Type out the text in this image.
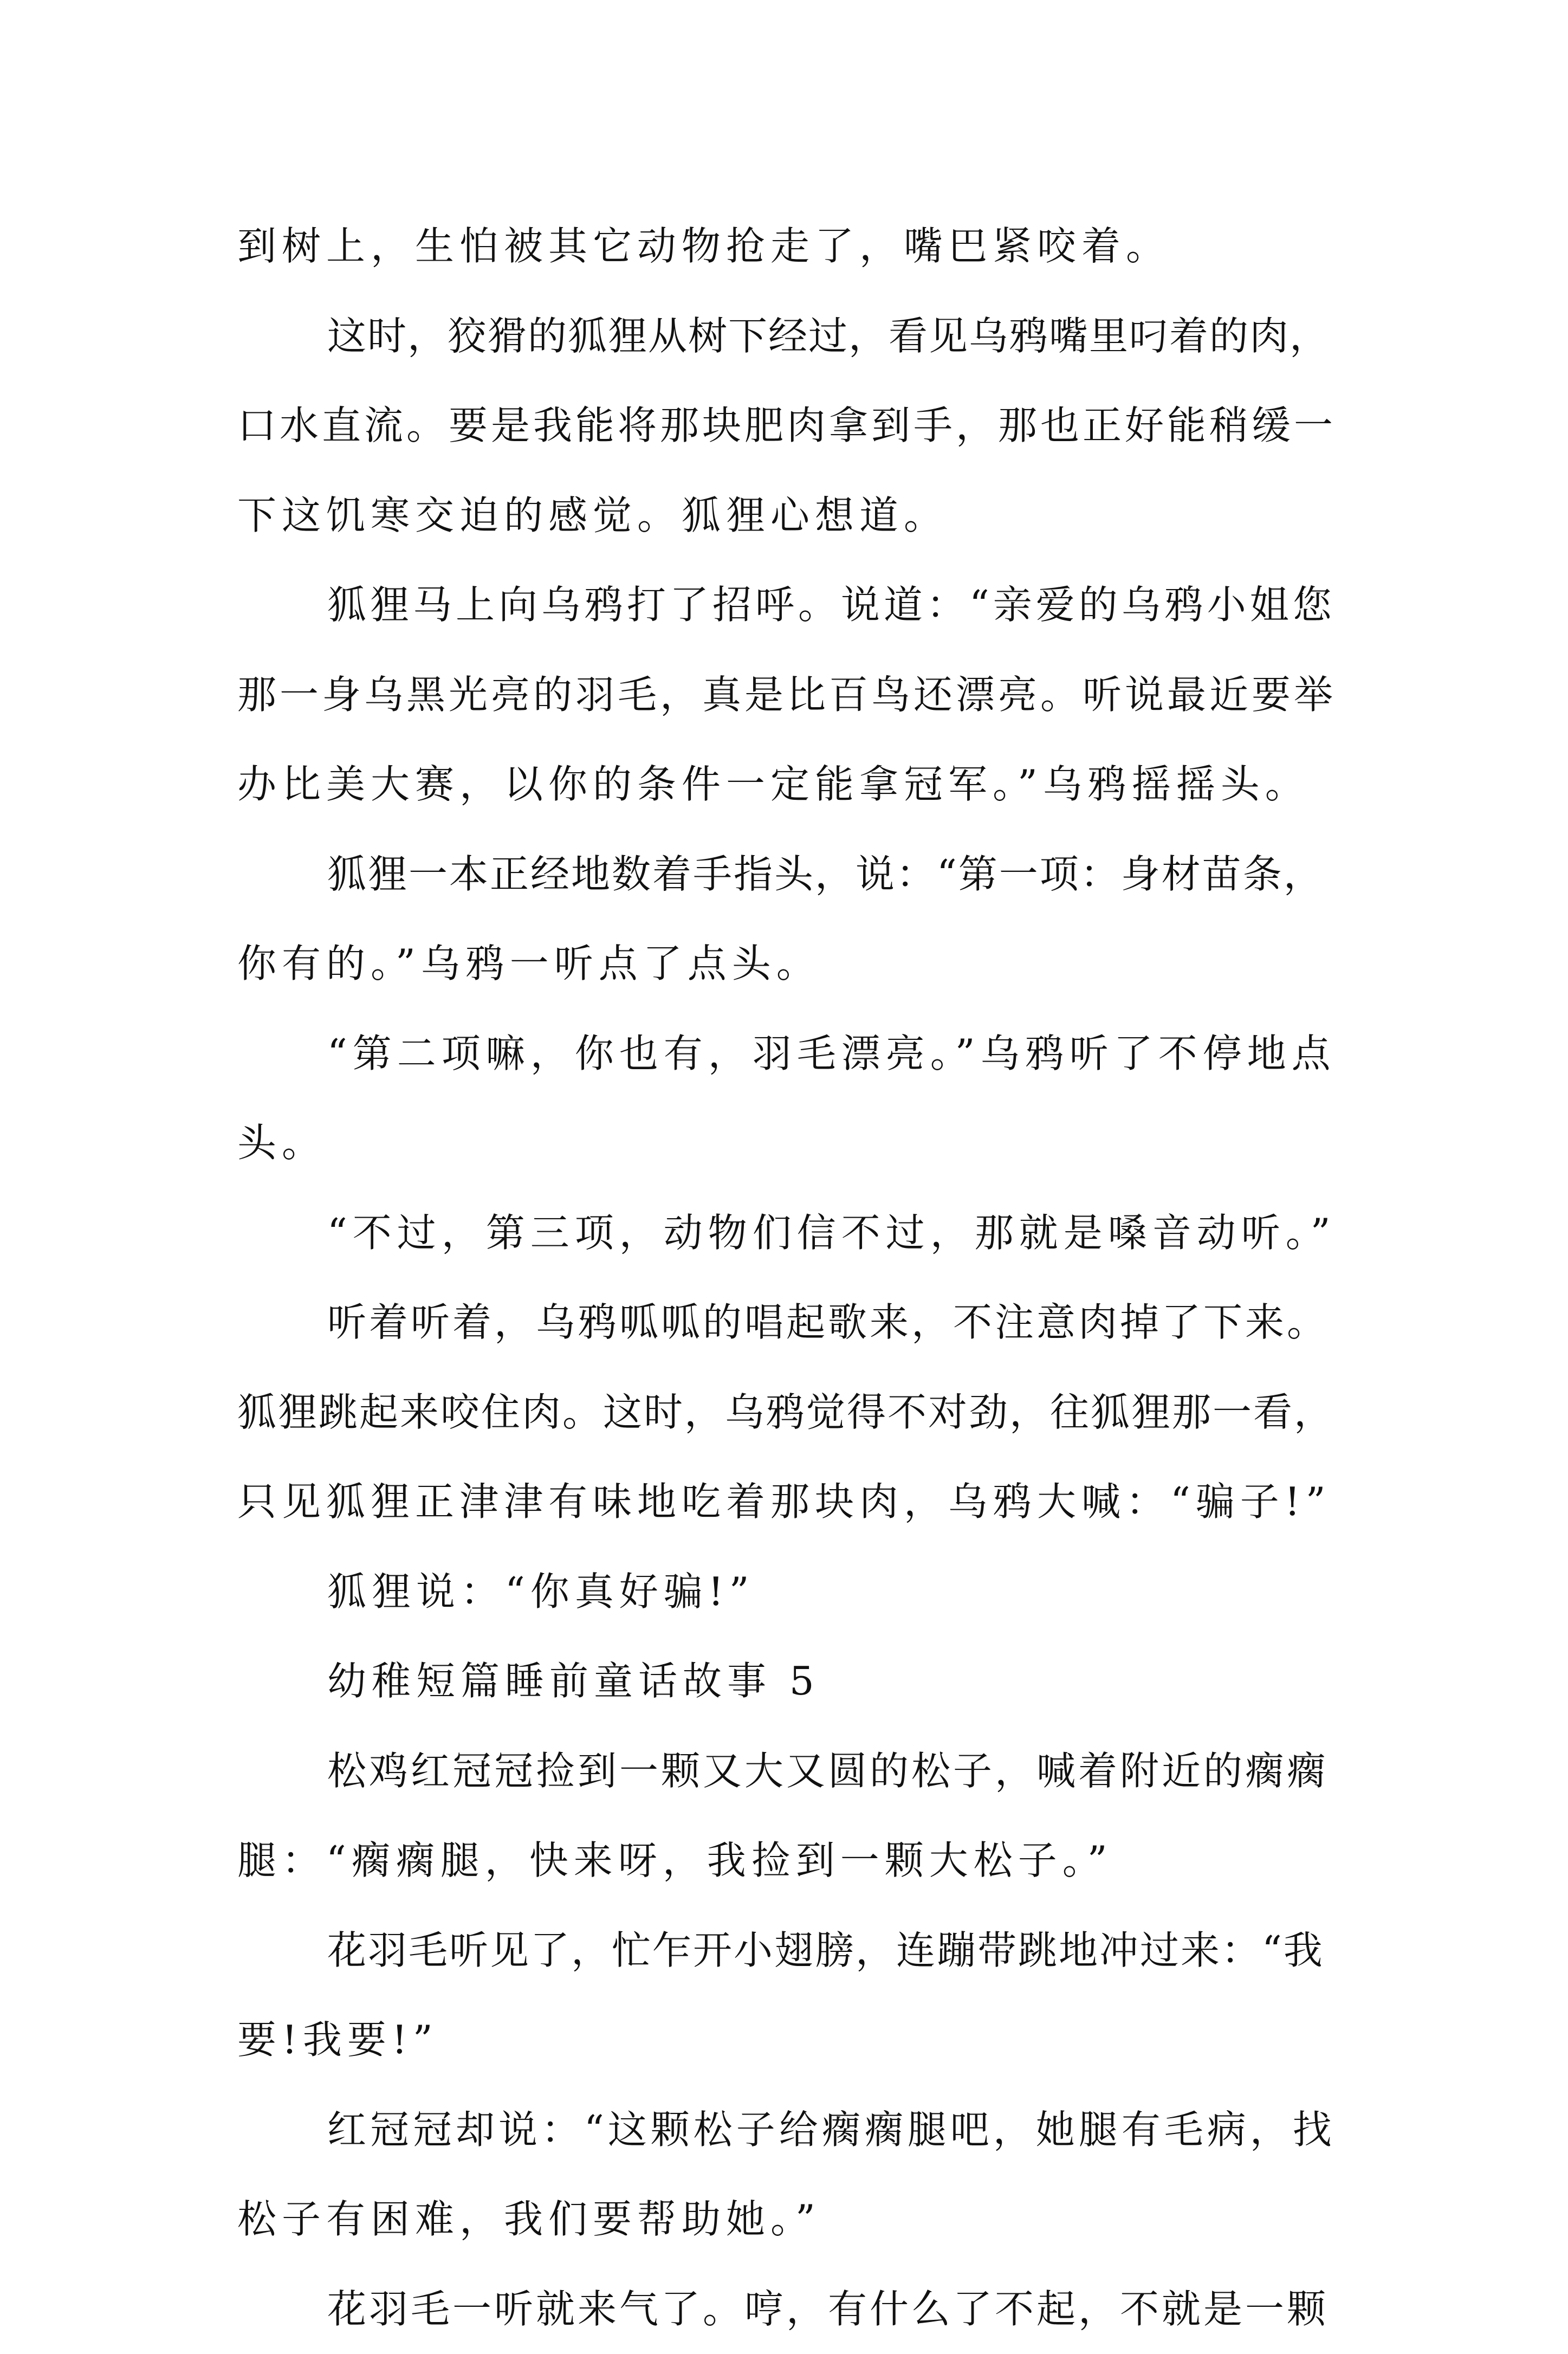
到树上，生怕被其它动物抢走了，嘴巴紧咬着。
这时，狡猾的狐狸从树下经过，看见乌鸦嘴里叼着的肉，
口水直流。要是我能将那块肥肉拿到手，那也正好能稍缓一
下这饥寒交迫的感觉。狐狸心想道。
狐狸马上向乌鸦打了招呼。说道：“亲爱的乌鸦小姐您
那一身乌黑光亮的羽毛，真是比百鸟还漂亮。听说最近要举
办比美大赛，以你的条件一定能拿冠军。”乌鸦摇摇头。
狐狸一本正经地数着手指头，说：“第一项：身材苗条，
你有的。”乌鸦一听点了点头。
“第二项嘛，你也有，羽毛漂亮。”乌鸦听了不停地点
头。
“不过，第三项，动物们信不过，那就是嗓音动听。”
听着听着，乌鸦呱呱的唱起歌来，不注意肉掉了下来。
狐狸跳起来咬住肉。这时，乌鸦觉得不对劲，往狐狸那一看，
只见狐狸正津津有味地吃着那块肉，乌鸦大喊：“骗子!”
狐狸说：“你真好骗!”
幼稚短篇睡前童话故事 5
松鸡红冠冠捡到一颗又大又圆的松子，喊着附近的瘸瘸
腿：“瘸瘸腿，快来呀，我捡到一颗大松子。”
花羽毛听见了，忙乍开小翅膀，连蹦带跳地冲过来：“我
要!我要!”
红冠冠却说：“这颗松子给瘸瘸腿吧，她腿有毛病，找
松子有困难，我们要帮助她。”
花羽毛一听就来气了。哼，有什么了不起，不就是一颗
